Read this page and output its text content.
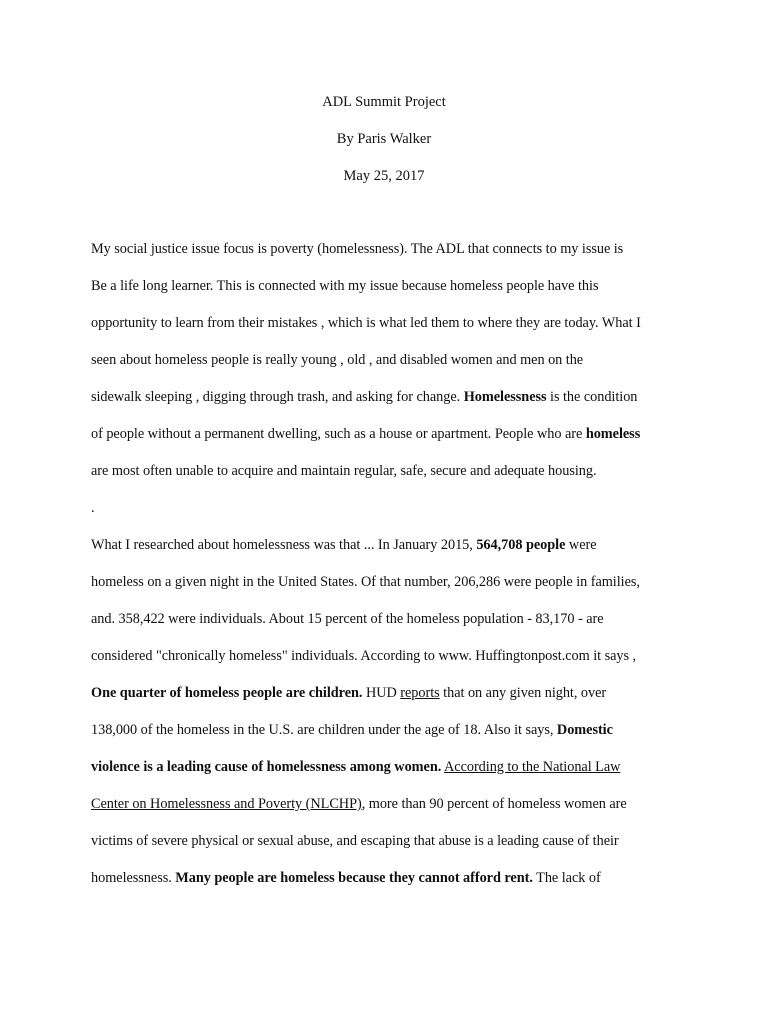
ADL Summit Project
By Paris Walker
May 25, 2017
My social justice issue focus is poverty (homelessness). The ADL that connects to my issue is
Be a life long learner. This is connected with my issue because homeless people have this
opportunity to learn from their mistakes , which is what led them to where they are today. What I
seen about homeless people is really young , old , and disabled women and men on the
sidewalk sleeping , digging through trash, and asking for change. Homelessness is the condition
of people without a permanent dwelling, such as a house or apartment. People who are homeless
are most often unable to acquire and maintain regular, safe, secure and adequate housing.
.
What I researched about homelessness was that ... In January 2015, 564,708 people were
homeless on a given night in the United States. Of that number, 206,286 were people in families,
and. 358,422 were individuals. About 15 percent of the homeless population - 83,170 - are
considered "chronically homeless" individuals. According to www. Huffingtonpost.com it says ,
One quarter of homeless people are children. HUD reports that on any given night, over
138,000 of the homeless in the U.S. are children under the age of 18. Also it says, Domestic
violence is a leading cause of homelessness among women. According to the National Law
Center on Homelessness and Poverty (NLCHP), more than 90 percent of homeless women are
victims of severe physical or sexual abuse, and escaping that abuse is a leading cause of their
homelessness. Many people are homeless because they cannot afford rent. The lack of
